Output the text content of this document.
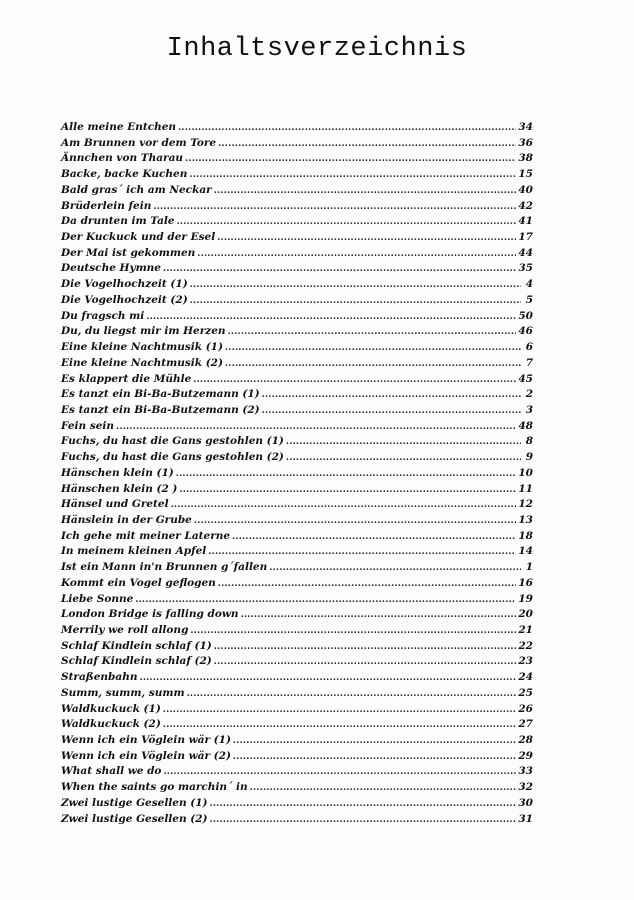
Inhaltsverzeichnis
Alle meine Entchen .....	34
Am Brunnen vor dem Tore .....	36
Ännchen von Tharau .....	38
Backe, backe Kuchen .....	15
Bald gras´ ich am Neckar .....	40
Brüderlein fein .....	42
Da drunten im Tale .....	41
Der Kuckuck und der Esel .....	17
Der Mai ist gekommen .....	44
Deutsche Hymne .....	35
Die Vogelhochzeit (1) .....	4
Die Vogelhochzeit (2) .....	5
Du fragsch mi .....	50
Du, du liegst mir im Herzen .....	46
Eine kleine Nachtmusik (1) .....	6
Eine kleine Nachtmusik (2) .....	7
Es klappert die Mühle .....	45
Es tanzt ein Bi-Ba-Butzemann (1) .....	2
Es tanzt ein Bi-Ba-Butzemann (2) .....	3
Fein sein .....	48
Fuchs, du hast die Gans gestohlen (1) .....	8
Fuchs, du hast die Gans gestohlen (2) .....	9
Hänschen klein (1) .....	10
Hänschen klein (2 ) .....	11
Hänsel und Gretel .....	12
Hänslein in der Grube .....	13
Ich gehe mit meiner Laterne .....	18
In meinem kleinen Apfel .....	14
Ist ein Mann in'n Brunnen g´fallen .....	1
Kommt ein Vogel geflogen .....	16
Liebe Sonne .....	19
London Bridge is falling down .....	20
Merrily we roll allong .....	21
Schlaf Kindlein schlaf (1) .....	22
Schlaf Kindlein schlaf (2) .....	23
Straßenbahn .....	24
Summ, summ, summ .....	25
Waldkuckuck (1) .....	26
Waldkuckuck (2) .....	27
Wenn ich ein Vöglein wär (1) .....	28
Wenn ich ein Vöglein wär (2) .....	29
What shall we do .....	33
When the saints go marchin´ in .....	32
Zwei lustige Gesellen (1) .....	30
Zwei lustige Gesellen (2) .....	31
